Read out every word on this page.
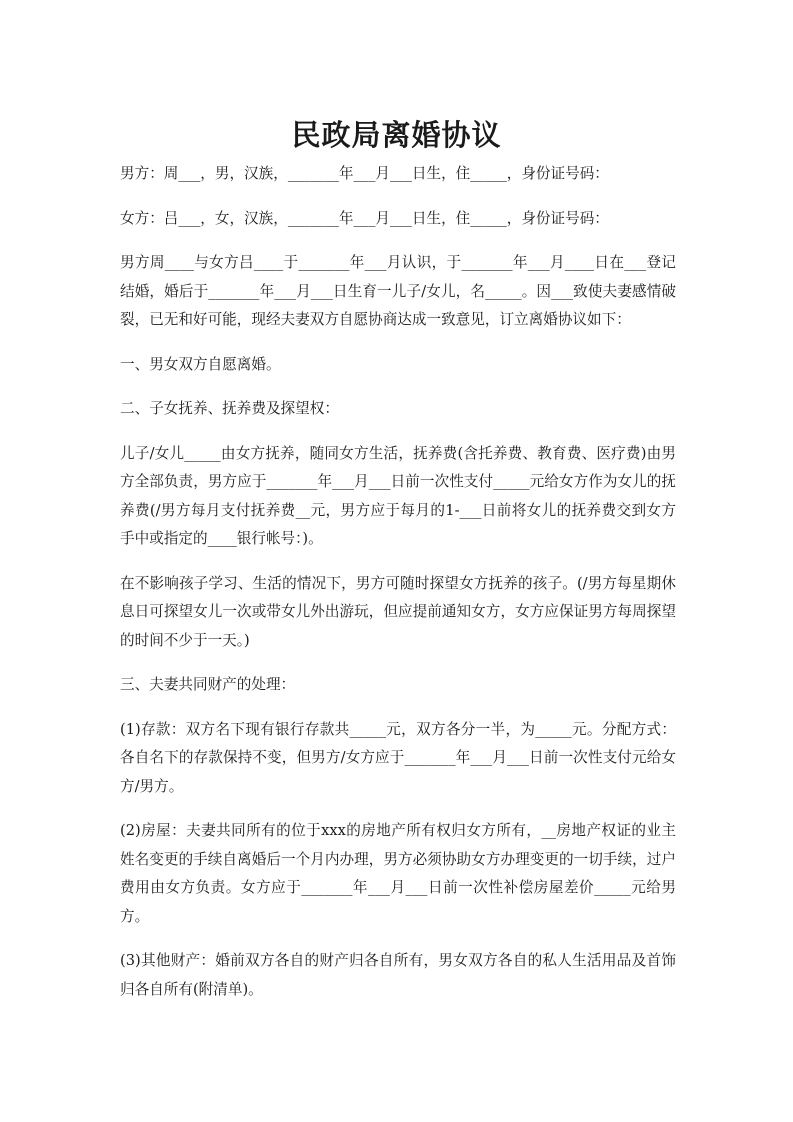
民政局离婚协议

男方：周___，男，汉族，_______年___月___日生，住_____，身份证号码：

女方：吕___，女，汉族，_______年___月___日生，住_____，身份证号码：

男方周____与女方吕____于_______年___月认识，于_______年___月____日在___登记结婚，婚后于_______年___月___日生育一儿子/女儿，名_____。因___致使夫妻感情破裂，已无和好可能，现经夫妻双方自愿协商达成一致意见，订立离婚协议如下：

一、男女双方自愿离婚。

二、子女抚养、抚养费及探望权：

儿子/女儿_____由女方抚养，随同女方生活，抚养费(含托养费、教育费、医疗费)由男方全部负责，男方应于_______年___月___日前一次性支付_____元给女方作为女儿的抚养费(/男方每月支付抚养费__元，男方应于每月的1-___日前将女儿的抚养费交到女方手中或指定的____银行帐号：)。

在不影响孩子学习、生活的情况下，男方可随时探望女方抚养的孩子。(/男方每星期休息日可探望女儿一次或带女儿外出游玩，但应提前通知女方，女方应保证男方每周探望的时间不少于一天。)

三、夫妻共同财产的处理：

(1)存款：双方名下现有银行存款共_____元，双方各分一半，为_____元。分配方式：各自名下的存款保持不变，但男方/女方应于_______年___月___日前一次性支付元给女方/男方。

(2)房屋：夫妻共同所有的位于xxx的房地产所有权归女方所有，__房地产权证的业主姓名变更的手续自离婚后一个月内办理，男方必须协助女方办理变更的一切手续，过户费用由女方负责。女方应于_______年___月___日前一次性补偿房屋差价_____元给男方。

(3)其他财产：婚前双方各自的财产归各自所有，男女双方各自的私人生活用品及首饰归各自所有(附清单)。
